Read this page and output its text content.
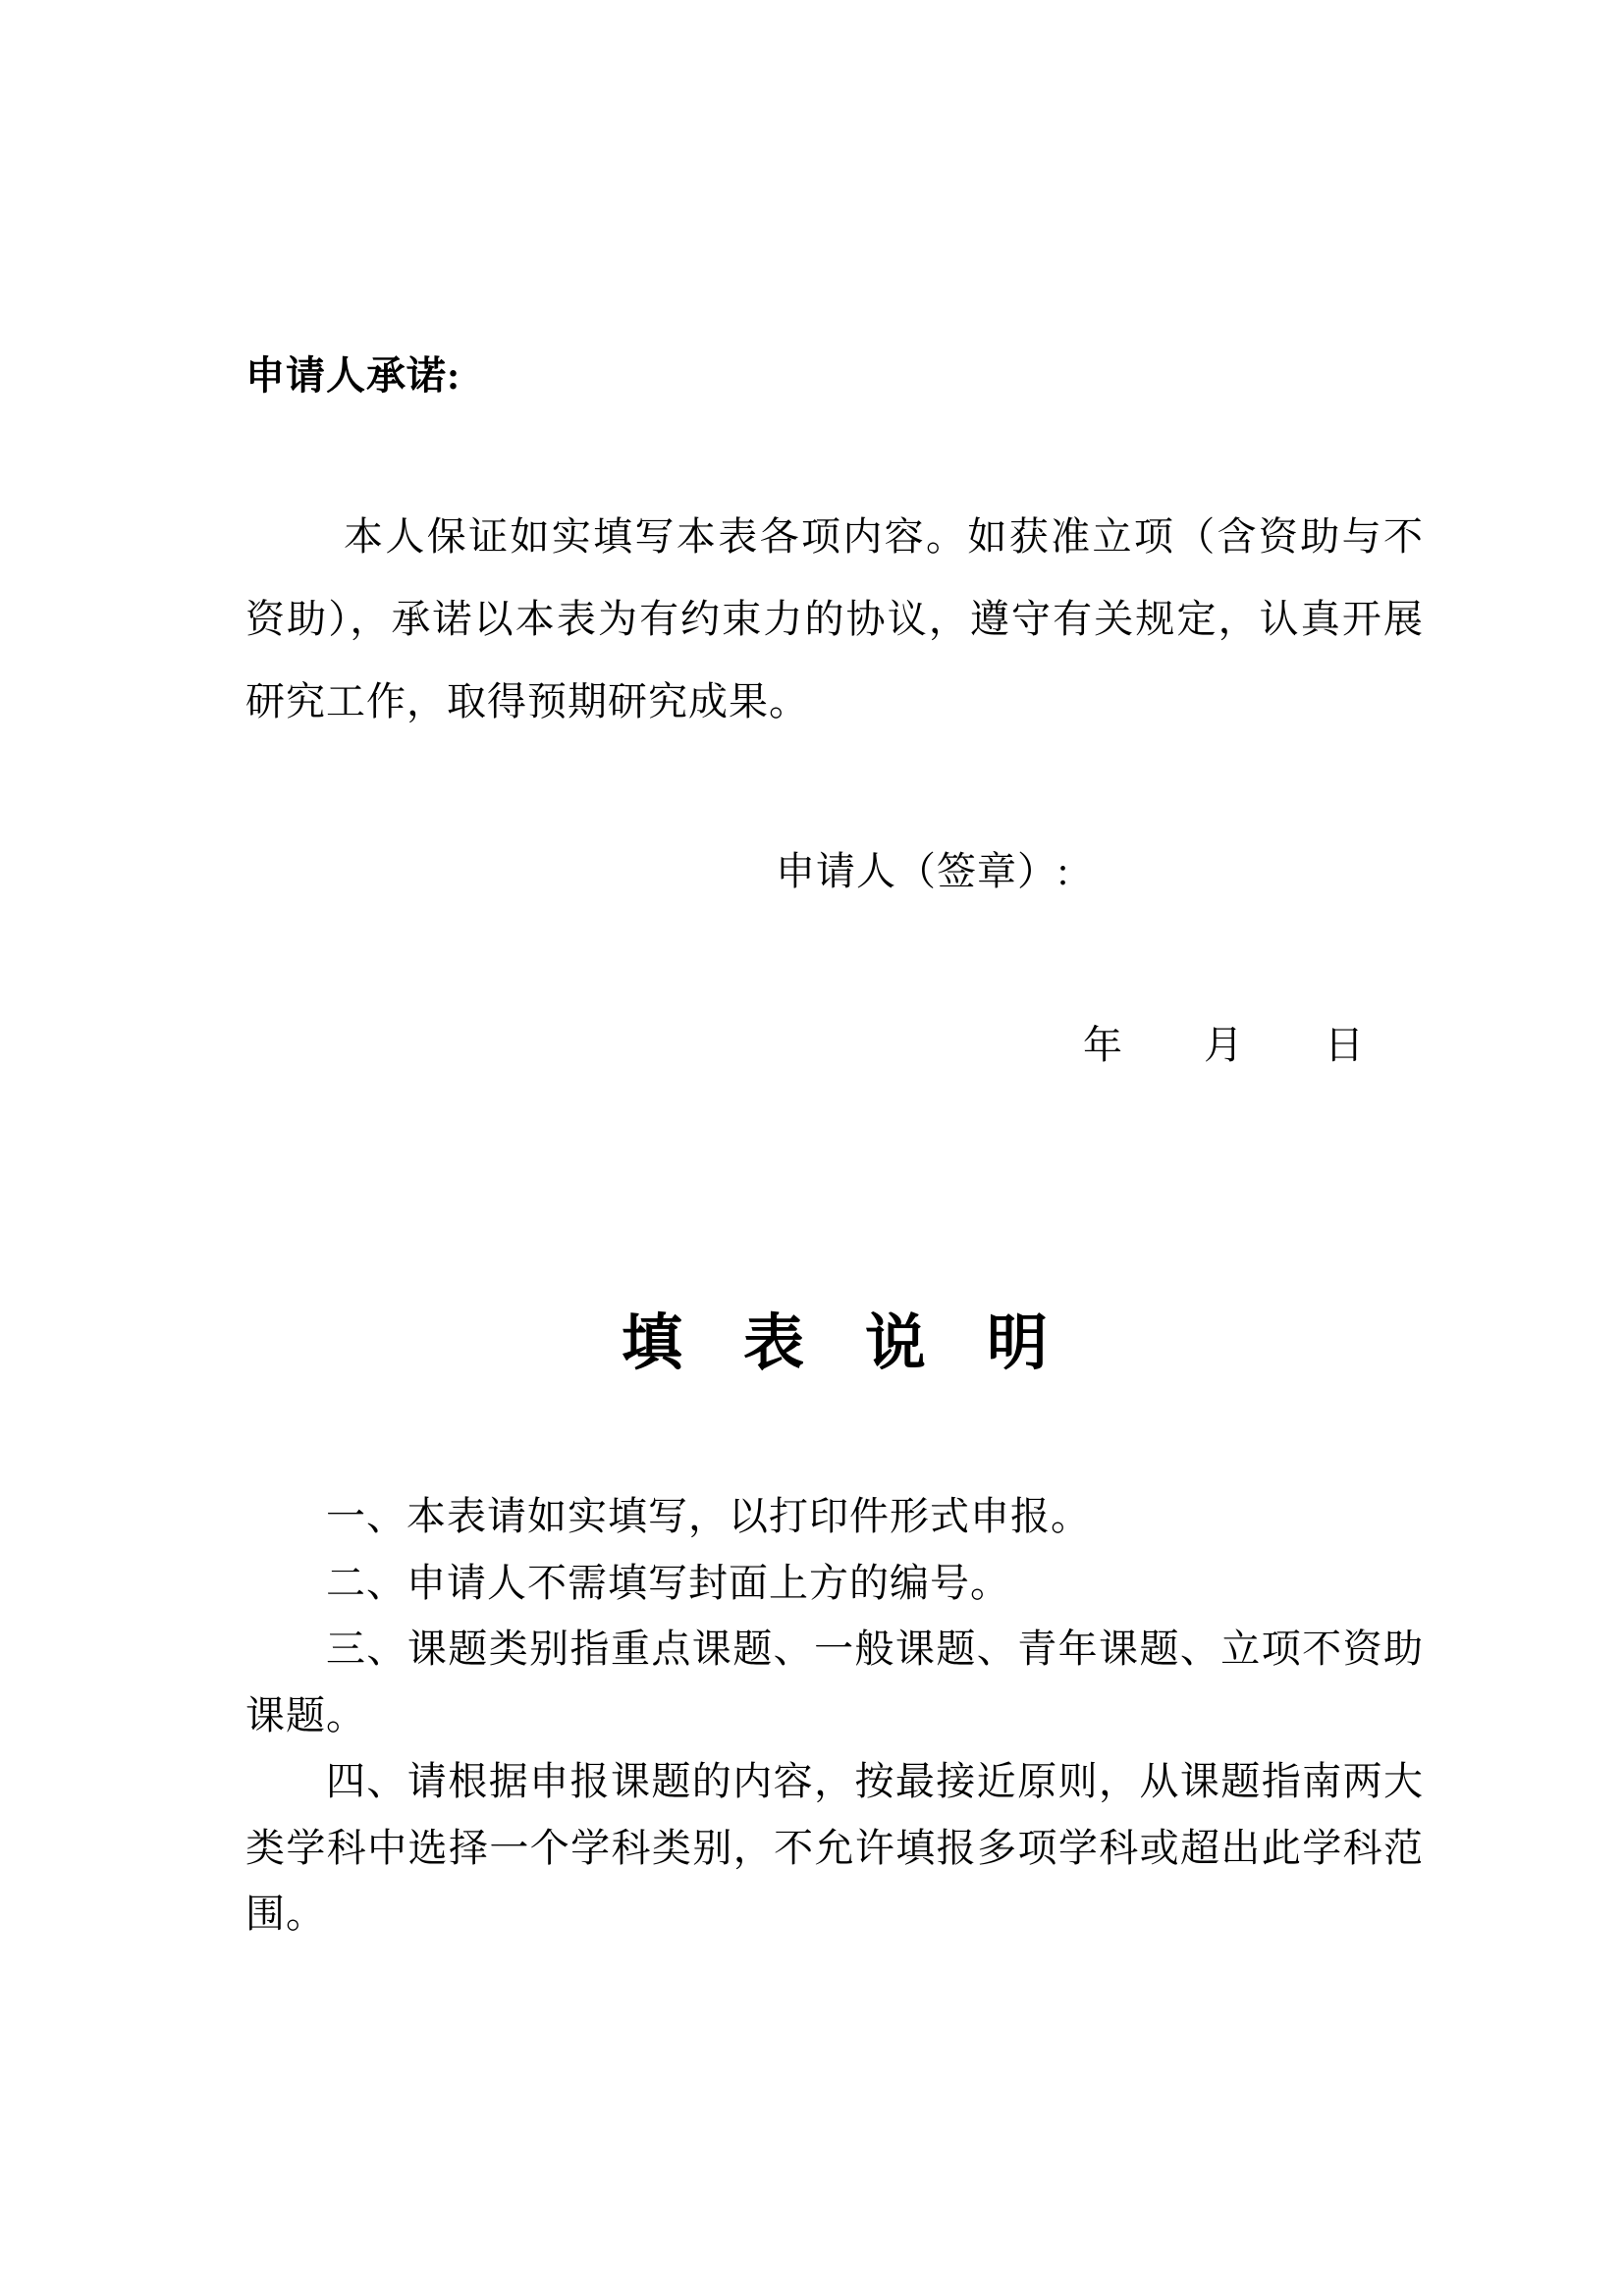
申请人承诺:
本人保证如实填写本表各项内容。如获准立项（含资助与不资助），承诺以本表为有约束力的协议，遵守有关规定，认真开展研究工作，取得预期研究成果。
申请人（签章）:
年　　月　　日
填　表　说　明

一、本表请如实填写，以打印件形式申报。

二、申请人不需填写封面上方的编号。

三、课题类别指重点课题、一般课题、青年课题、立项不资助课题。

四、请根据申报课题的内容，按最接近原则，从课题指南两大类学科中选择一个学科类别，不允许填报多项学科或超出此学科范围。
